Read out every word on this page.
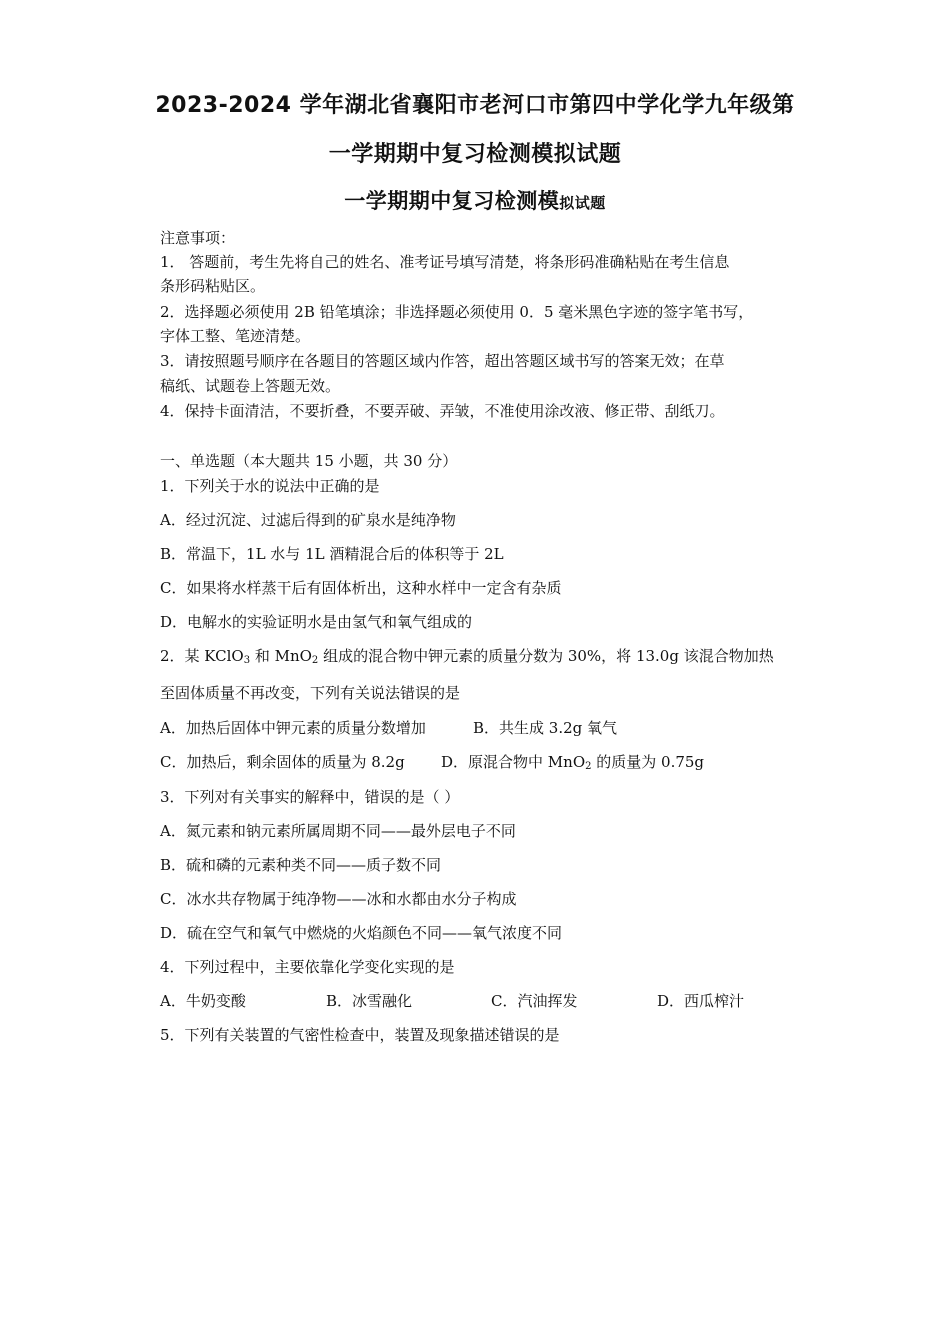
2023-2024 学年湖北省襄阳市老河口市第四中学化学九年级第
一学期期中复习检测模拟试题
一学期期中复习检测模拟试题
注意事项：
1． 答题前，考生先将自己的姓名、准考证号填写清楚，将条形码准确粘贴在考生信息
条形码粘贴区。
2．选择题必须使用 2B 铅笔填涂；非选择题必须使用 0．5 毫米黑色字迹的签字笔书写，
字体工整、笔迹清楚。
3．请按照题号顺序在各题目的答题区域内作答，超出答题区域书写的答案无效；在草
稿纸、试题卷上答题无效。
4．保持卡面清洁，不要折叠，不要弄破、弄皱，不准使用涂改液、修正带、刮纸刀。
一、单选题（本大题共 15 小题，共 30 分）
1．下列关于水的说法中正确的是
A．经过沉淀、过滤后得到的矿泉水是纯净物
B．常温下，1L 水与 1L 酒精混合后的体积等于 2L
C．如果将水样蒸干后有固体析出，这种水样中一定含有杂质
D．电解水的实验证明水是由氢气和氧气组成的
2．某 KClO$_3$ 和 MnO$_2$ 组成的混合物中钾元素的质量分数为 30%，将 13.0g 该混合物加热
至固体质量不再改变，下列有关说法错误的是
A．加热后固体中钾元素的质量分数增加	B．共生成 3.2g 氧气
C．加热后，剩余固体的质量为 8.2g D．原混合物中 MnO$_2$ 的质量为 0.75g
3．下列对有关事实的解释中，错误的是（ ）
A．氮元素和钠元素所属周期不同——最外层电子不同
B．硫和磷的元素种类不同——质子数不同
C．冰水共存物属于纯净物——冰和水都由水分子构成
D．硫在空气和氧气中燃烧的火焰颜色不同——氧气浓度不同
4．下列过程中，主要依靠化学变化实现的是
A．牛奶变酸	B．冰雪融化	C．汽油挥发	D．西瓜榨汁
5．下列有关装置的气密性检查中，装置及现象描述错误的是
